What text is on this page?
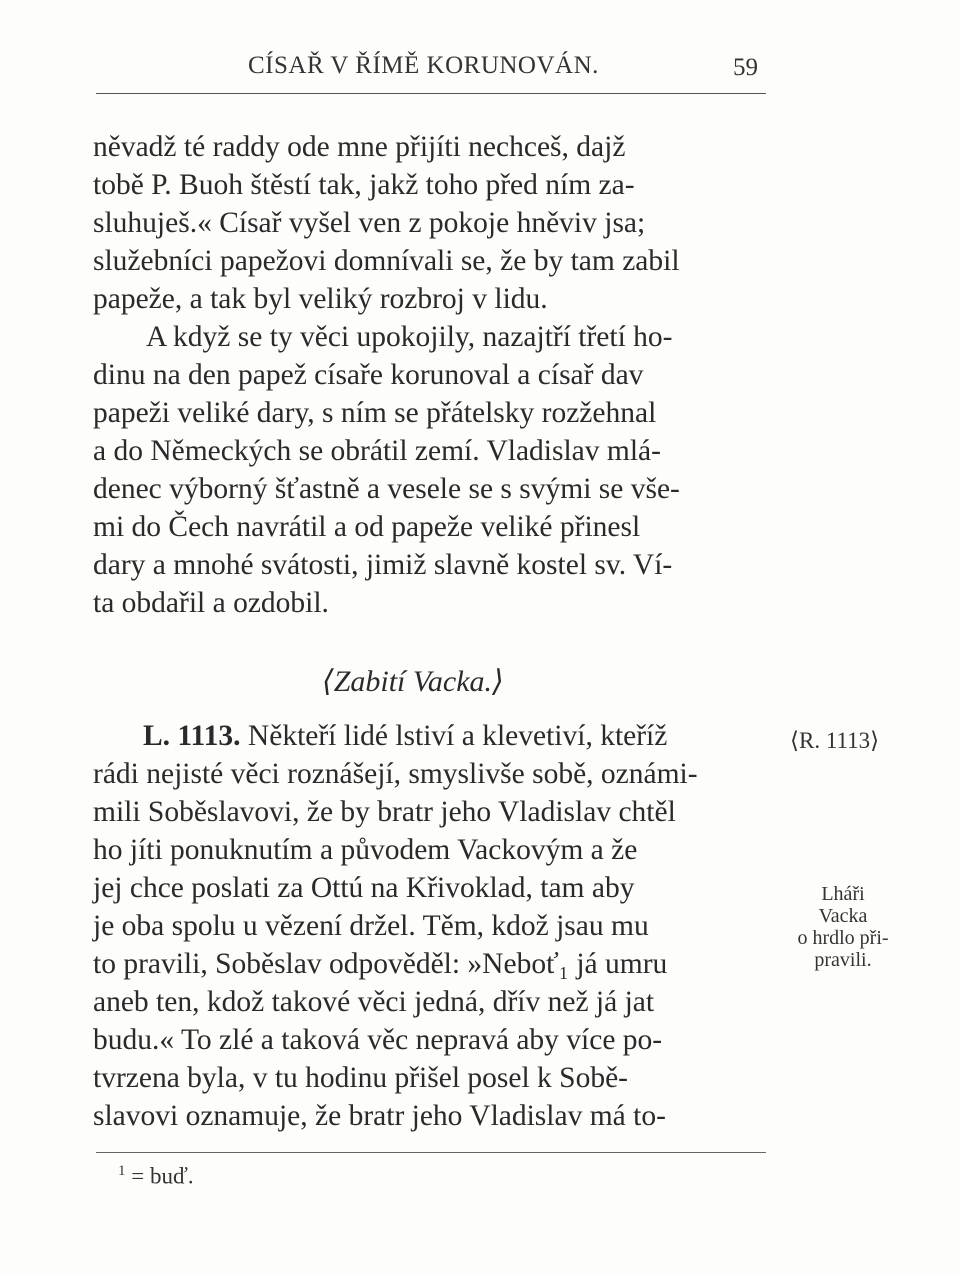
CÍSAŘ V ŘÍMĚ KORUNOVÁN.	59
něvadž té raddy ode mne přijíti nechceš, dajž
tobě P. Buoh štěstí tak, jakž toho před ním za-
sluhuješ.« Císař vyšel ven z pokoje hněviv jsa;
služebníci papežovi domnívali se, že by tam zabil
papeže, a tak byl veliký rozbroj v lidu.
A když se ty věci upokojily, nazajtří třetí ho-
dinu na den papež císaře korunoval a císař dav
papeži veliké dary, s ním se přátelsky rozžehnal
a do Německých se obrátil zemí. Vladislav mlá-
denec výborný šťastně a vesele se s svými se vše-
mi do Čech navrátil a od papeže veliké přinesl
dary a mnohé svátosti, jimiž slavně kostel sv. Ví-
ta obdařil a ozdobil.
⟨Zabití Vacka.⟩
L. 1113. Někteří lidé lstiví a klevetiví, kteříž
rádi nejisté věci roznášejí, smyslivše sobě, oznámi-
mili Soběslavovi, že by bratr jeho Vladislav chtěl
ho jíti ponuknutím a původem Vackovým a že
jej chce poslati za Ottú na Křivoklad, tam aby
je oba spolu u vězení držel. Těm, kdož jsau mu
to pravili, Soběslav odpověděl: »Neboť₁ já umru
aneb ten, kdož takové věci jedná, dřív než já jat
budu.« To zlé a taková věc nepravá aby více po-
tvrzena byla, v tu hodinu přišel posel k Sobě-
slavovi oznamuje, že bratr jeho Vladislav má to-
⟨R. 1113⟩
Lháři
Vacka
o hrdlo při-
pravili.
$^1$ = buď.
